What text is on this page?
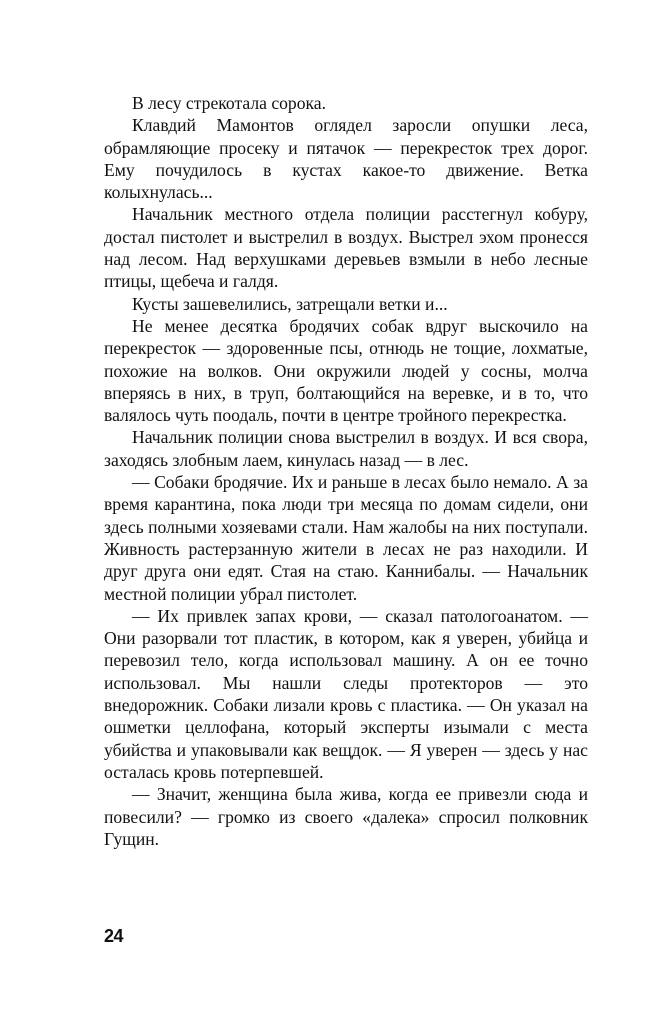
В лесу стрекотала сорока.

Клавдий Мамонтов оглядел заросли опушки леса, обрамляющие просеку и пятачок — перекресток трех дорог. Ему почудилось в кустах какое-то движение. Ветка колыхнулась...

Начальник местного отдела полиции расстегнул кобуру, достал пистолет и выстрелил в воздух. Выстрел эхом пронесся над лесом. Над верхушками деревьев взмыли в небо лесные птицы, щебеча и галдя.

Кусты зашевелились, затрещали ветки и...

Не менее десятка бродячих собак вдруг выскочило на перекресток — здоровенные псы, отнюдь не тощие, лохматые, похожие на волков. Они окружили людей у сосны, молча вперяясь в них, в труп, болтающийся на веревке, и в то, что валялось чуть поодаль, почти в центре тройного перекрестка.

Начальник полиции снова выстрелил в воздух. И вся свора, заходясь злобным лаем, кинулась назад — в лес.

— Собаки бродячие. Их и раньше в лесах было немало. А за время карантина, пока люди три месяца по домам сидели, они здесь полными хозяевами стали. Нам жалобы на них поступали. Живность растерзанную жители в лесах не раз находили. И друг друга они едят. Стая на стаю. Каннибалы. — Начальник местной полиции убрал пистолет.

— Их привлек запах крови, — сказал патологоанатом. — Они разорвали тот пластик, в котором, как я уверен, убийца и перевозил тело, когда использовал машину. А он ее точно использовал. Мы нашли следы протекторов — это внедорожник. Собаки лизали кровь с пластика. — Он указал на ошметки целлофана, который эксперты изымали с места убийства и упаковывали как вещдок. — Я уверен — здесь у нас осталась кровь потерпевшей.

— Значит, женщина была жива, когда ее привезли сюда и повесили? — громко из своего «далека» спросил полковник Гущин.

24
